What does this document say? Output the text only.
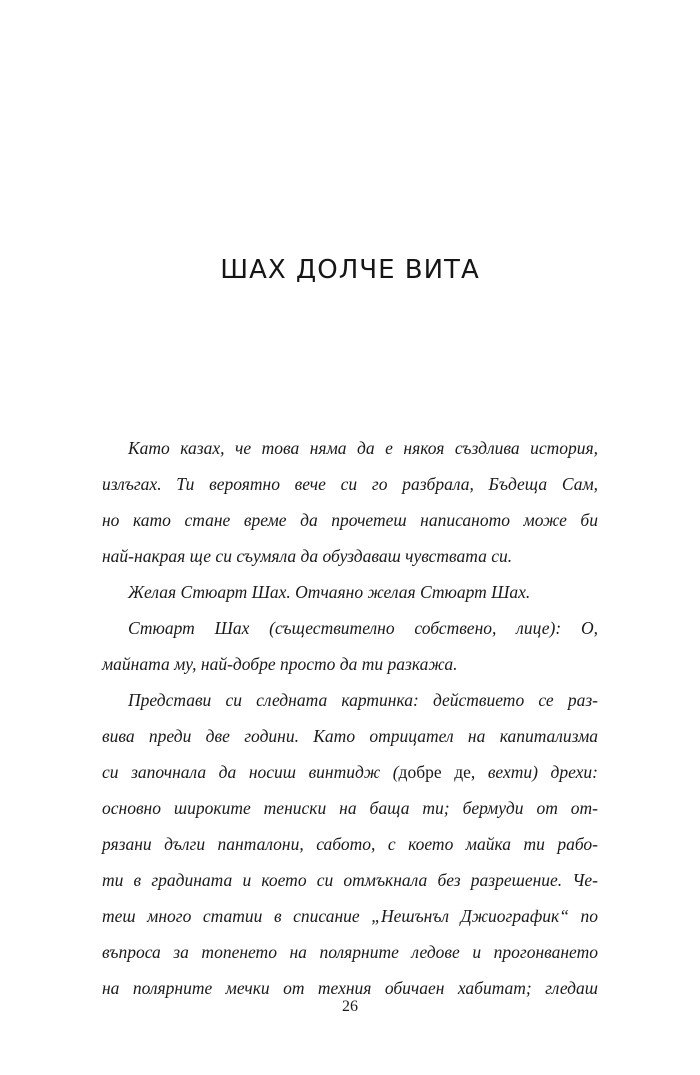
ШАХ ДОЛЧЕ ВИТА
Като казах, че това няма да е някоя създлива история,
излъгах. Ти вероятно вече си го разбрала, Бъдеща Сам,
но като стане време да прочетеш написаното може би
най-накрая ще си съумяла да обуздаваш чувствата си.
Желая Стюарт Шах. Отчаяно желая Стюарт Шах.
Стюарт Шах (съществително собствено, лице): О,
майната му, най-добре просто да ти разкажа.
Представи си следната картинка: действието се раз-
вива преди две години. Като отрицател на капитализма
си започнала да носиш винтидж (добре де, вехти) дрехи:
основно широките тениски на баща ти; бермуди от от-
рязани дълги панталони, сабото, с което майка ти рабо-
ти в градината и което си отмъкнала без разрешение. Че-
теш много статии в списание „Нешънъл Джиографик“ по
въпроса за топенето на полярните ледове и прогонването
на полярните мечки от техния обичаен хабитат; гледаш
26
